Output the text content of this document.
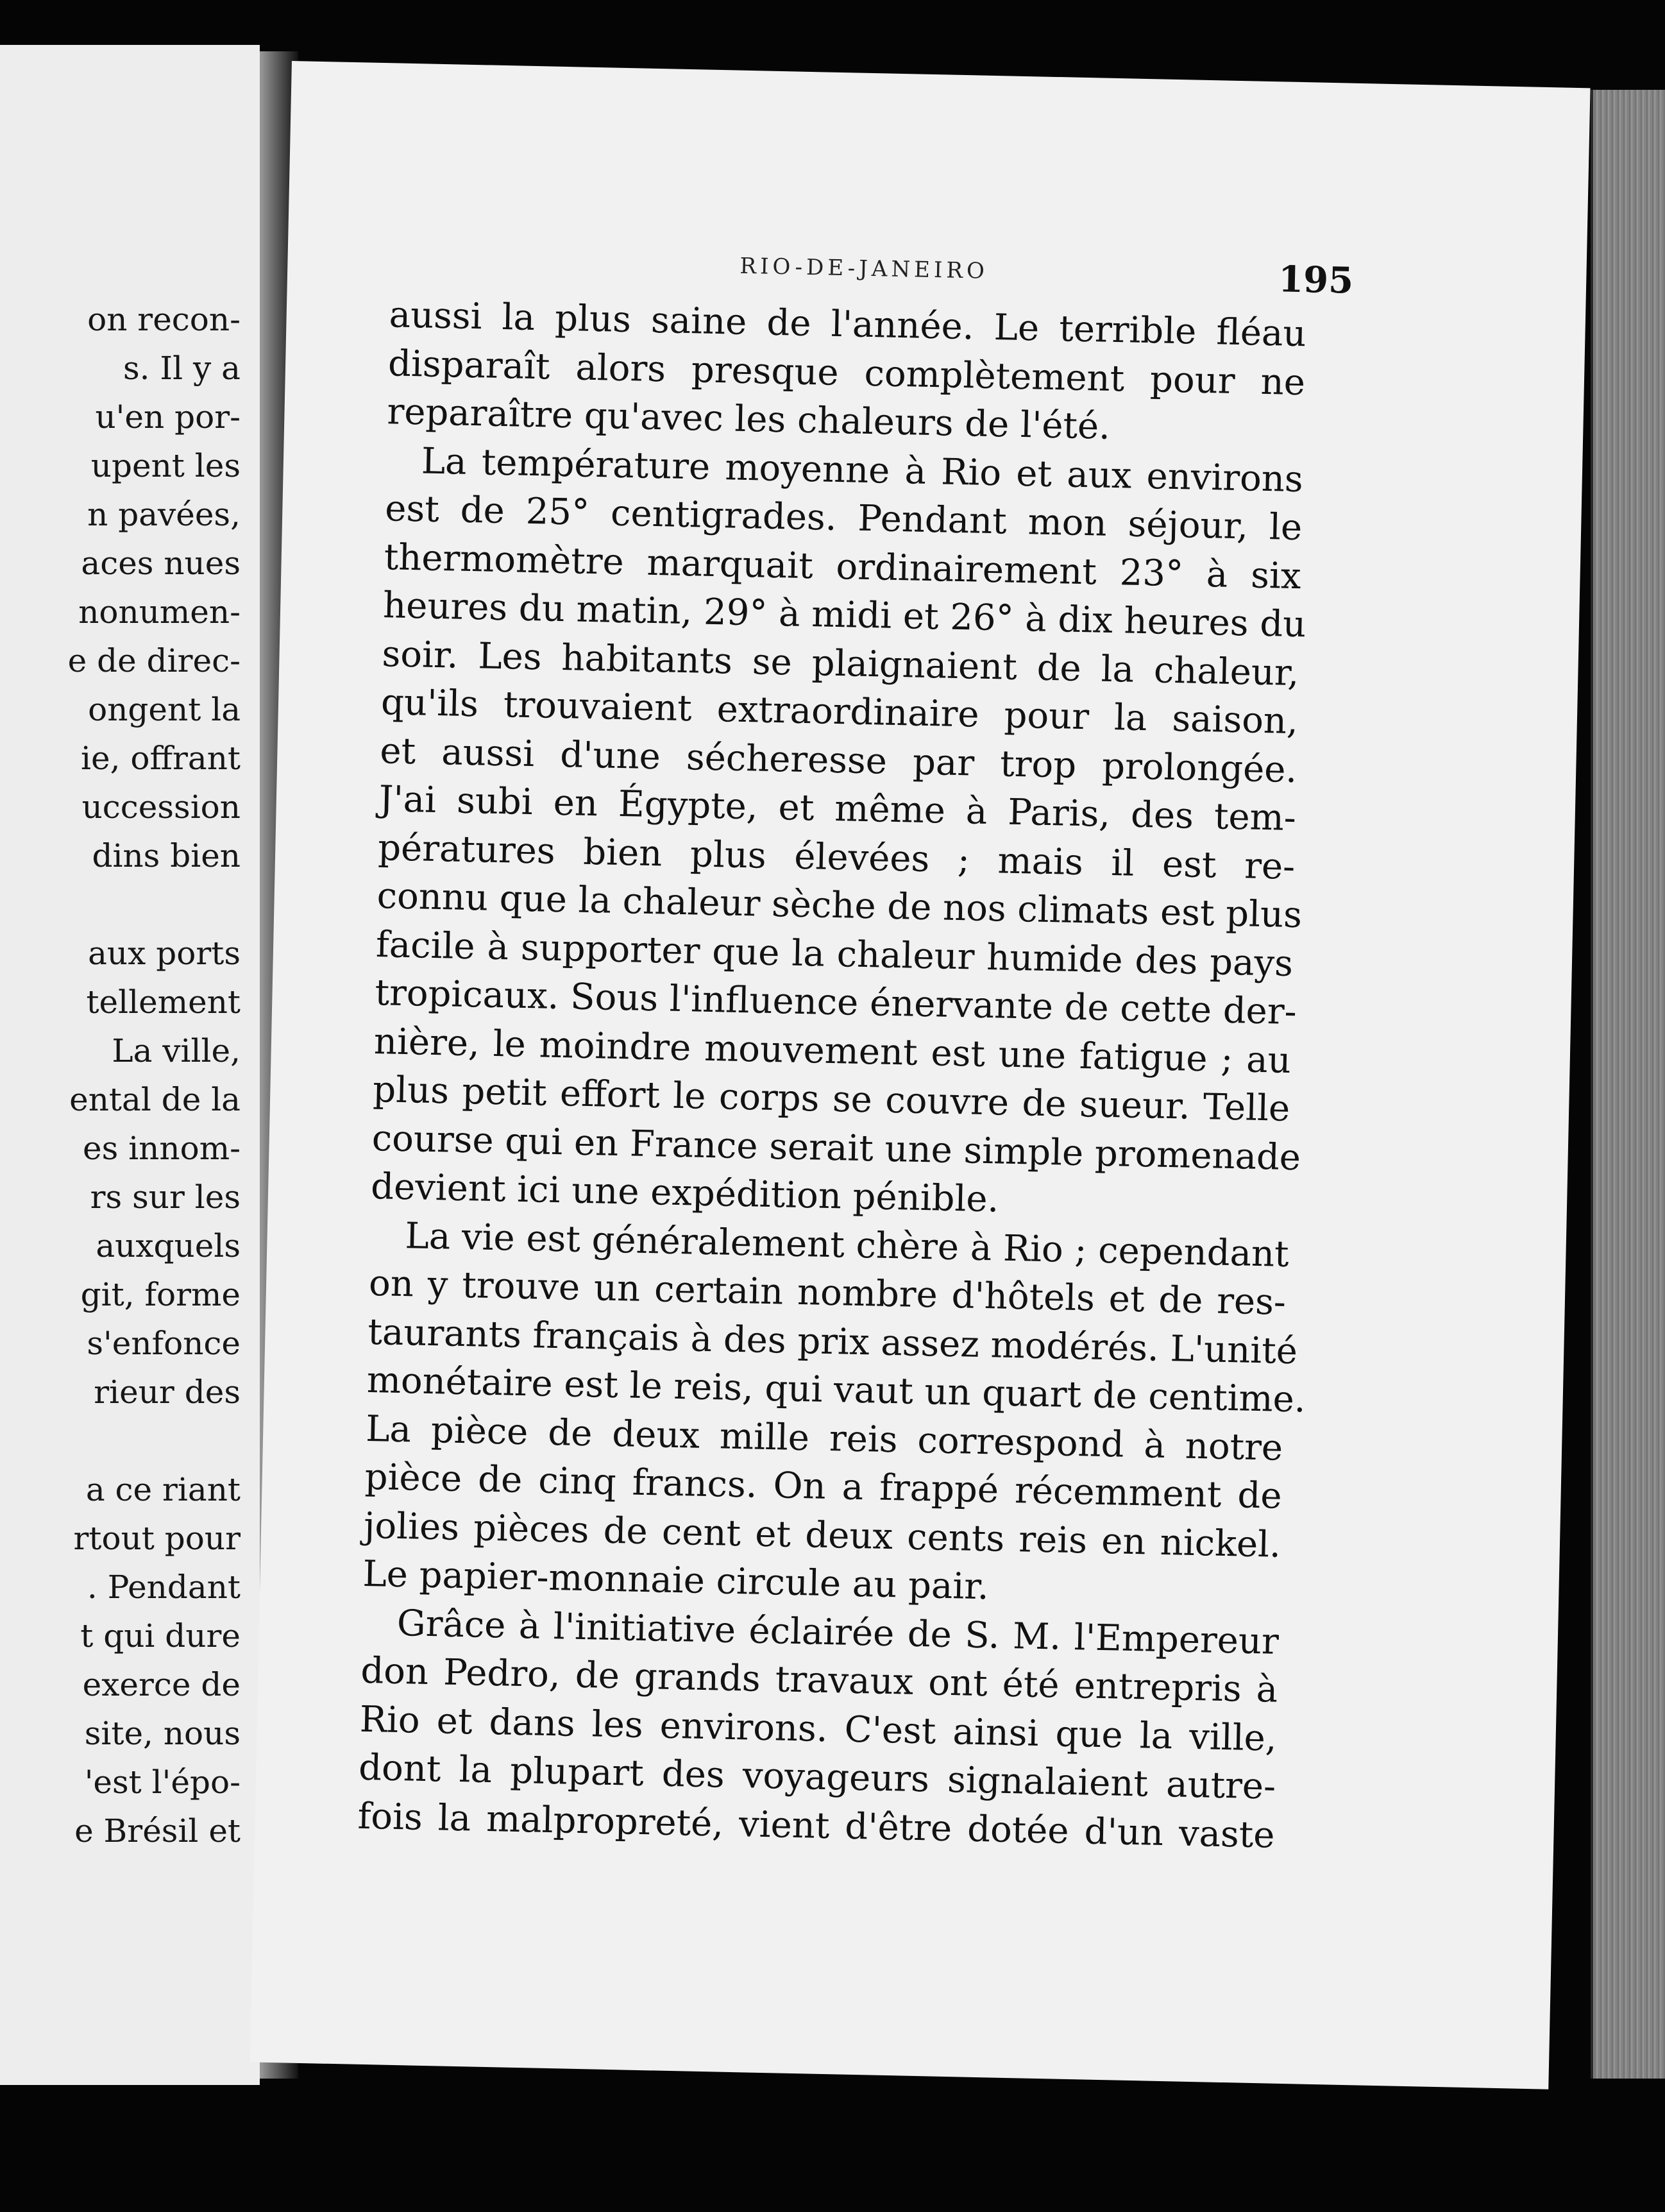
on recon-
s. Il y a
u'en por-
upent les
n pavées,
aces nues
nonumen-
e de direc-
ongent la
ie, offrant
uccession
dins bien
aux ports
tellement
La ville,
ental de la
es innom-
rs sur les
auxquels
git, forme
s'enfonce
rieur des
a ce riant
rtout pour
. Pendant
t qui dure
exerce de
site, nous
'est l'épo-
e Brésil et
RIO-DE-JANEIRO	195
aussi la plus saine de l'année. Le terrible fléau
disparaît alors presque complètement pour ne
reparaître qu'avec les chaleurs de l'été.
La température moyenne à Rio et aux environs
est de 25° centigrades. Pendant mon séjour, le
thermomètre marquait ordinairement 23° à six
heures du matin, 29° à midi et 26° à dix heures du
soir. Les habitants se plaignaient de la chaleur,
qu'ils trouvaient extraordinaire pour la saison,
et aussi d'une sécheresse par trop prolongée.
J'ai subi en Égypte, et même à Paris, des tem-
pératures bien plus élevées ; mais il est re-
connu que la chaleur sèche de nos climats est plus
facile à supporter que la chaleur humide des pays
tropicaux. Sous l'influence énervante de cette der-
nière, le moindre mouvement est une fatigue ; au
plus petit effort le corps se couvre de sueur. Telle
course qui en France serait une simple promenade
devient ici une expédition pénible.
La vie est généralement chère à Rio ; cependant
on y trouve un certain nombre d'hôtels et de res-
taurants français à des prix assez modérés. L'unité
monétaire est le reis, qui vaut un quart de centime.
La pièce de deux mille reis correspond à notre
pièce de cinq francs. On a frappé récemment de
jolies pièces de cent et deux cents reis en nickel.
Le papier-monnaie circule au pair.
Grâce à l'initiative éclairée de S. M. l'Empereur
don Pedro, de grands travaux ont été entrepris à
Rio et dans les environs. C'est ainsi que la ville,
dont la plupart des voyageurs signalaient autre-
fois la malpropreté, vient d'être dotée d'un vaste
